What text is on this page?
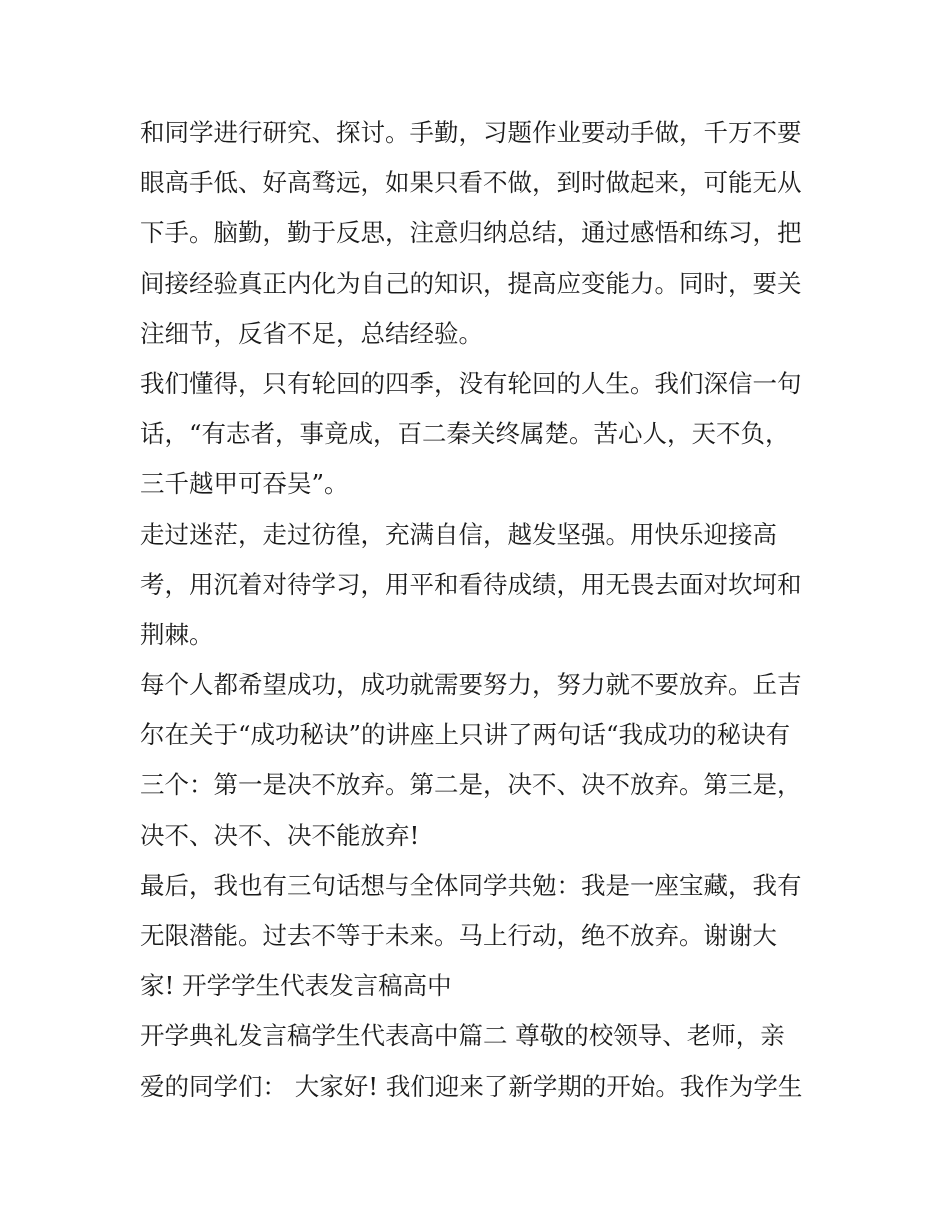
和同学进行研究、探讨。手勤，习题作业要动手做，千万不要
眼高手低、好高骛远，如果只看不做，到时做起来，可能无从
下手。脑勤，勤于反思，注意归纳总结，通过感悟和练习，把
间接经验真正内化为自己的知识，提高应变能力。同时，要关
注细节，反省不足，总结经验。
我们懂得，只有轮回的四季，没有轮回的人生。我们深信一句
话，“有志者，事竟成，百二秦关终属楚。苦心人，天不负，
三千越甲可吞吴”。
走过迷茫，走过彷徨，充满自信，越发坚强。用快乐迎接高
考，用沉着对待学习，用平和看待成绩，用无畏去面对坎坷和
荆棘。
每个人都希望成功，成功就需要努力，努力就不要放弃。丘吉
尔在关于“成功秘诀”的讲座上只讲了两句话“我成功的秘诀有
三个：第一是决不放弃。第二是，决不、决不放弃。第三是，
决不、决不、决不能放弃!
最后，我也有三句话想与全体同学共勉：我是一座宝藏，我有
无限潜能。过去不等于未来。马上行动，绝不放弃。谢谢大
家! 开学学生代表发言稿高中
开学典礼发言稿学生代表高中篇二 尊敬的校领导、老师，亲
爱的同学们： 大家好! 我们迎来了新学期的开始。我作为学生
